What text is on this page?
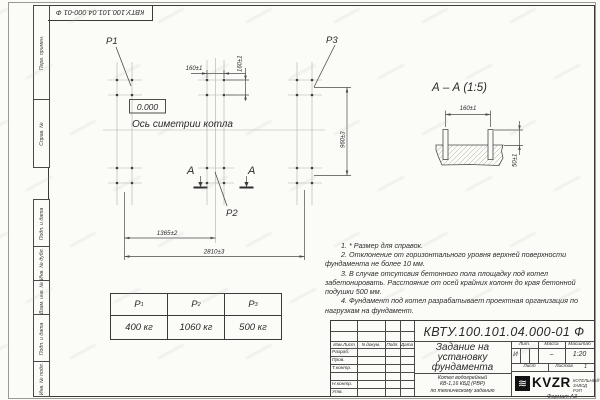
Перв. примен.
Справ. №
Подп. и дата
Инв. № дубл.
Взам. инв. №
Подп. и дата
Инв. № подл.
КВТУ.100.101.04.000-01 Ф
P1	P3
P2
160±1	160±1
960±3
1365±2
2810±3
0.000
Ось симетрии котла
А	А
А – А (1:5)
160±1
50±1

1. * Размер для справок.

2. Отклонение от горизонтального уровня верхней поверхности фундамента не более 10 мм.

3. В случае отсутсвия бетонного пола площадку под котел забетонировать. Расстояние от осей крайних колонн до края бетонной подушки 500 мм.

4. Фундамент под котел разрабатывает проектная организация по нагрузкам на фундамент.

P 1	P 2	P 3
400 кг	1060 кг	500 кг	КВТУ.100.101.04.000-01 Ф
Изм.Лист	N докум.	Подп. Дата
Разраб.
Пров.
Т.контр.
Н.контр.
Утв.
Задание на
установку
фундамента
Котел водогрейный
КВ-1,16 КБД (РВР)
по техническому заданию
Лит.	Масса	Масштаб
И	–	1:20
Лист	Листов	1
≋ KVZR КОТЕЛЬНЫЙ
ЗАВОД РЭП
Формат А3
